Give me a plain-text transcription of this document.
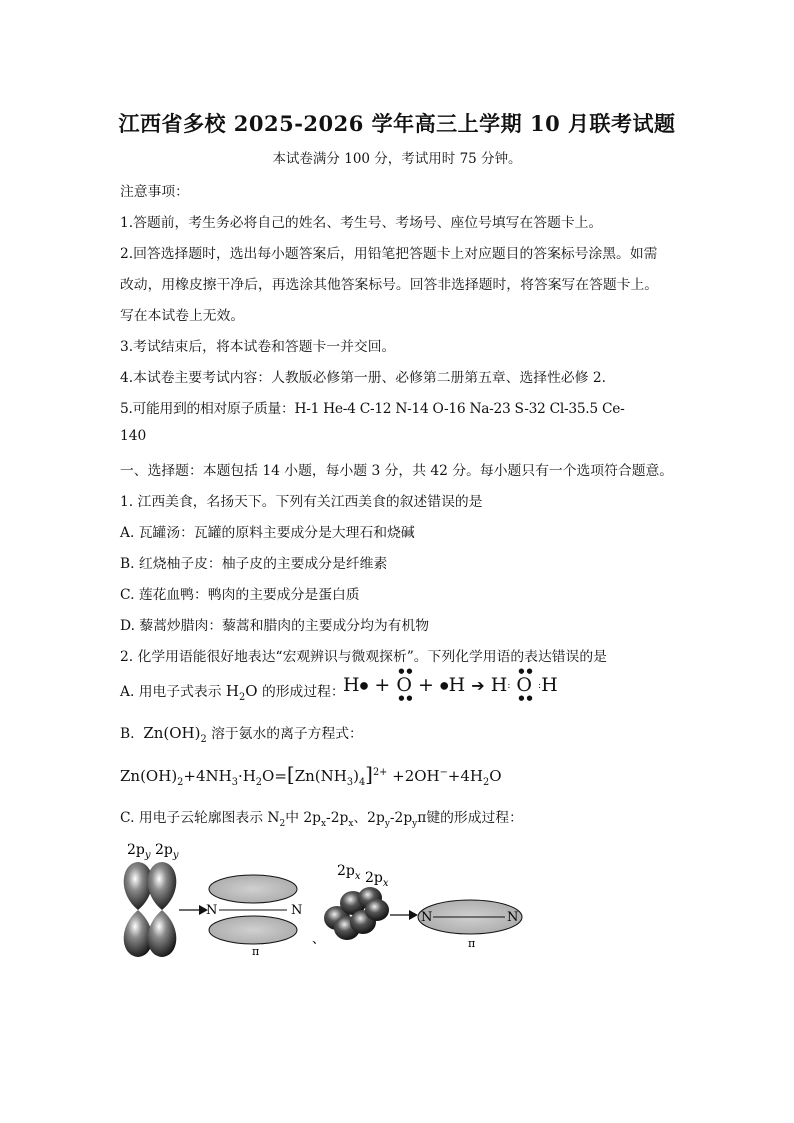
江西省多校 2025-2026 学年高三上学期 10 月联考试题
本试卷满分 100 分，考试用时 75 分钟。
注意事项：
1.答题前，考生务必将自己的姓名、考生号、考场号、座位号填写在答题卡上。
2.回答选择题时，选出每小题答案后，用铅笔把答题卡上对应题目的答案标号涂黑。如需
改动，用橡皮擦干净后，再选涂其他答案标号。回答非选择题时，将答案写在答题卡上。
写在本试卷上无效。
3.考试结束后，将本试卷和答题卡一并交回。
4.本试卷主要考试内容：人教版必修第一册、必修第二册第五章、选择性必修 2.
5.可能用到的相对原子质量：H-1 He-4 C-12 N-14 O-16 Na-23 S-32 Cl-35.5 Ce-
140
一、选择题：本题包括 14 小题，每小题 3 分，共 42 分。每小题只有一个选项符合题意。
1. 江西美食，名扬天下。下列有关江西美食的叙述错误的是
A. 瓦罐汤：瓦罐的原料主要成分是大理石和烧碱
B. 红烧柚子皮：柚子皮的主要成分是纤维素
C. 莲花血鸭：鸭肉的主要成分是蛋白质
D. 藜蒿炒腊肉：藜蒿和腊肉的主要成分均为有机物
2. 化学用语能很好地表达“宏观辨识与微观探析”。下列化学用语的表达错误的是
A. 用电子式表示 $H_2O$ 的形成过程：
H● +
●●
●●
O + ●H ➔ H:
●●
●●
O :H
B. $Zn(OH)_2$ 溶于氨水的离子方程式：
$Zn(OH)_2+4NH_3\cdot H_2O=[Zn(NH_3)_4]^{2+} +2OH^-+4H_2O$
C. 用电子云轮廓图表示 $N_2$中 $2p_x-2p_x$、$2p_y-2p_y\pi$键的形成过程：
$2p_y$ $2p_y$
N	N
π
、
$2p_x$ $2p_x$
N	N
π
